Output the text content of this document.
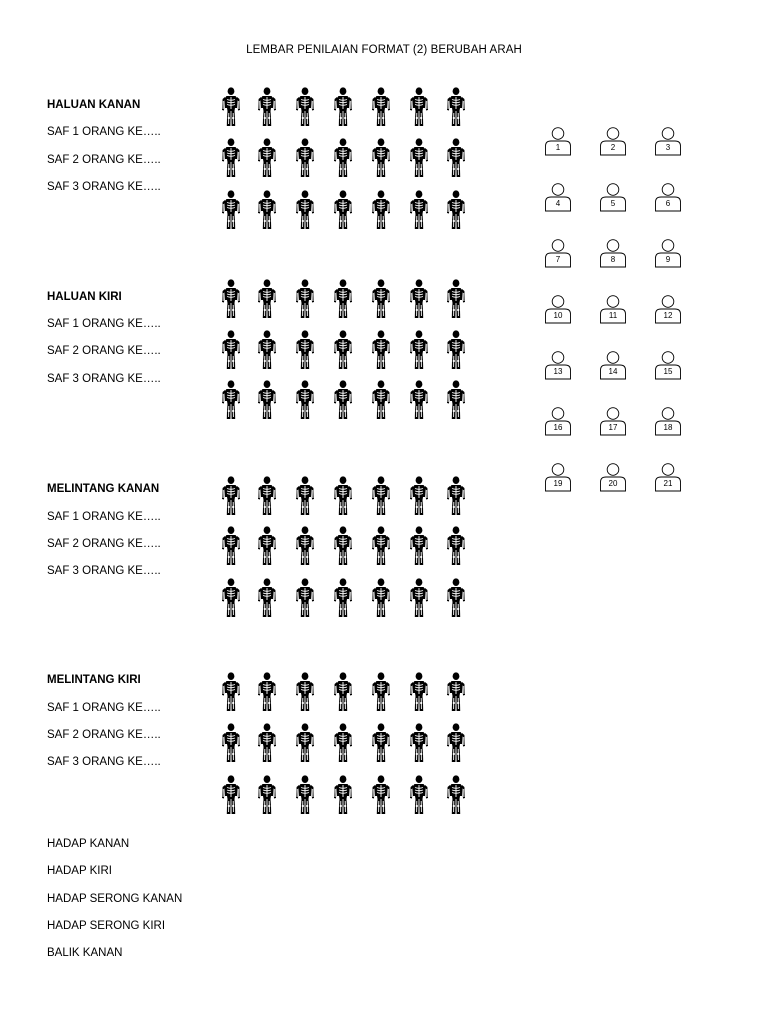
LEMBAR PENILAIAN FORMAT (2) BERUBAH ARAH
HALUAN KANAN
SAF 1 ORANG KE…..
SAF 2 ORANG KE…..
SAF 3 ORANG KE…..
HALUAN KIRI
SAF 1 ORANG KE…..
SAF 2 ORANG KE…..
SAF 3 ORANG KE…..
MELINTANG KANAN
SAF 1 ORANG KE…..
SAF 2 ORANG KE…..
SAF 3 ORANG KE…..
MELINTANG KIRI
SAF 1 ORANG KE…..
SAF 2 ORANG KE…..
SAF 3 ORANG KE…..
HADAP KANAN
HADAP KIRI
HADAP SERONG KANAN
HADAP SERONG KIRI
BALIK KANAN
1	2	3
4	5	6
7	8	9
10	11	12
13	14	15
16	17	18
19	20	21
